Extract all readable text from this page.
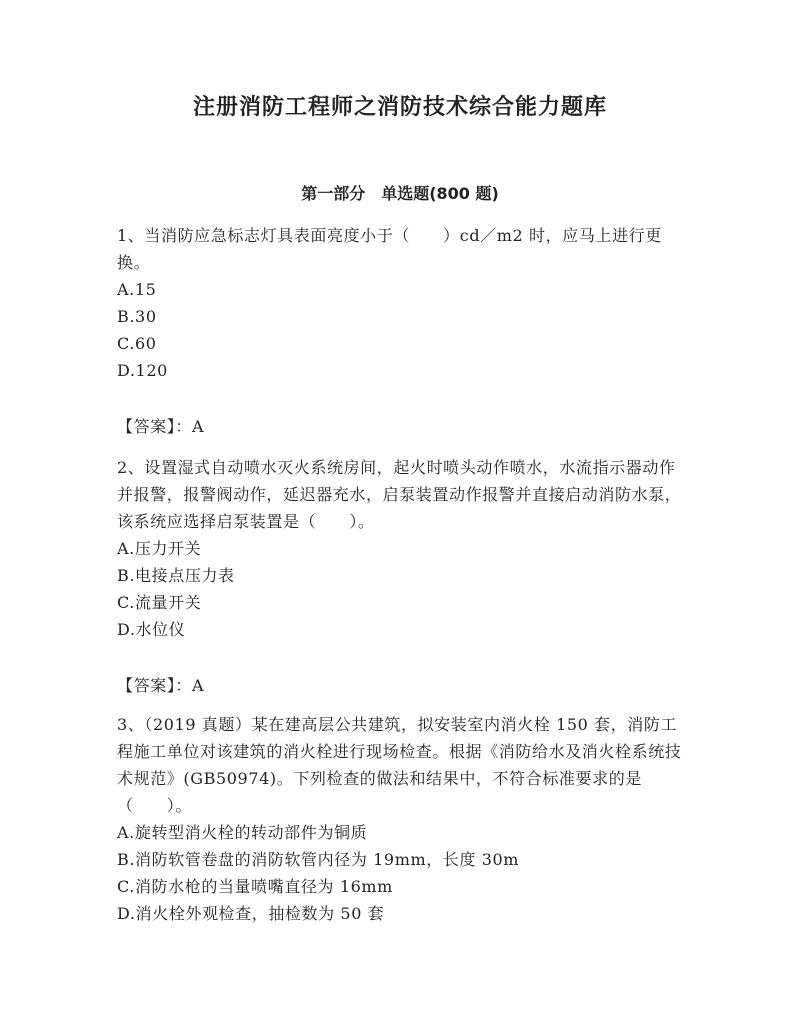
注册消防工程师之消防技术综合能力题库
第一部分　单选题(800 题)

1、当消防应急标志灯具表面亮度小于（　　）cd／m2 时，应马上进行更换。

A.15

B.30

C.60

D.120

【答案】：A

2、设置湿式自动喷水灭火系统房间，起火时喷头动作喷水，水流指示器动作并报警，报警阀动作，延迟器充水，启泵装置动作报警并直接启动消防水泵，该系统应选择启泵装置是（　　）。

A.压力开关

B.电接点压力表

C.流量开关

D.水位仪

【答案】：A

3、（2019 真题）某在建高层公共建筑，拟安装室内消火栓 150 套，消防工程施工单位对该建筑的消火栓进行现场检查。根据《消防给水及消火栓系统技术规范》(GB50974)。下列检查的做法和结果中，不符合标准要求的是（　　）。

A.旋转型消火栓的转动部件为铜质

B.消防软管卷盘的消防软管内径为 19mm，长度 30m

C.消防水枪的当量喷嘴直径为 16mm

D.消火栓外观检查，抽检数为 50 套
